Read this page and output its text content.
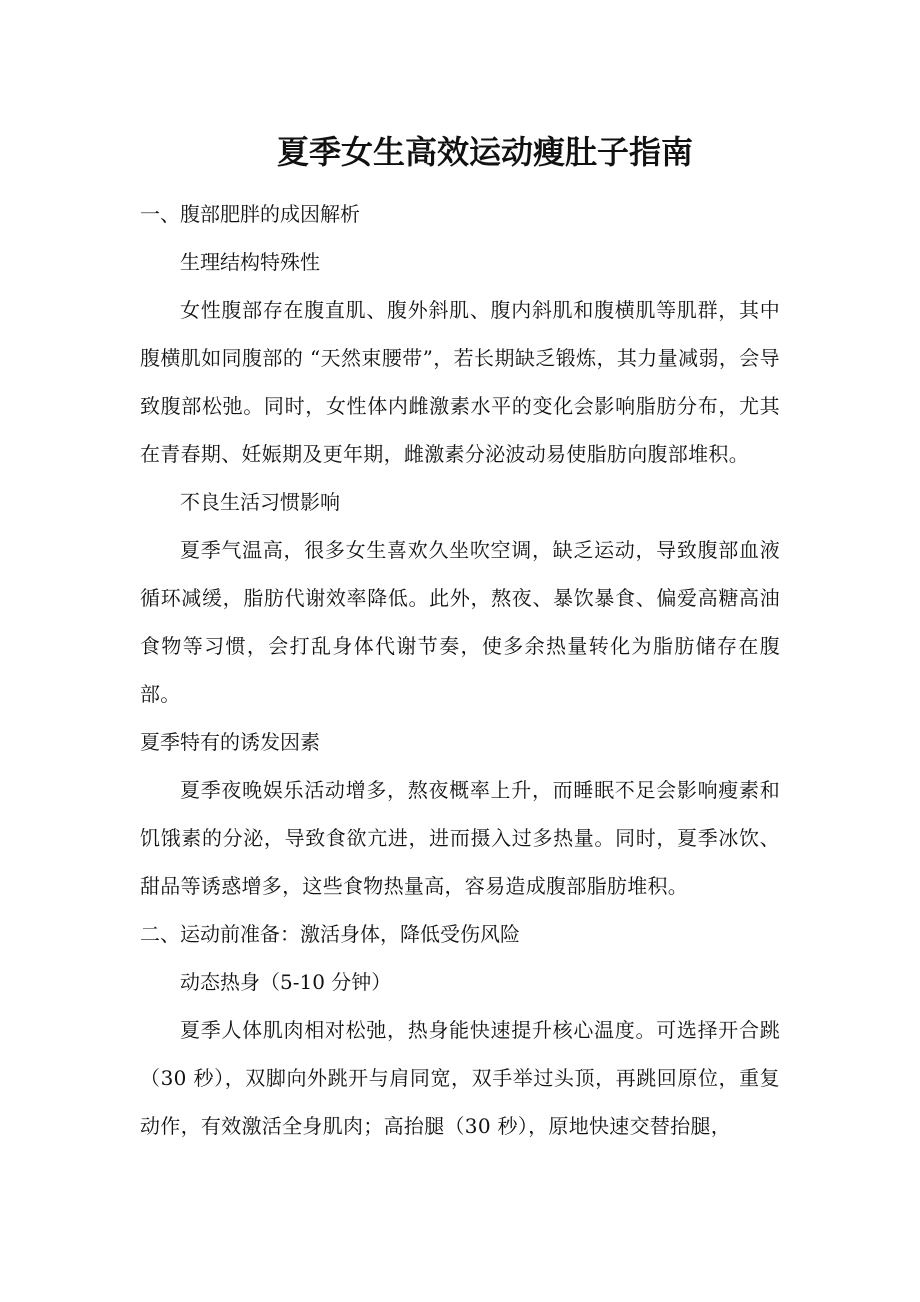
夏季女生高效运动瘦肚子指南
一、腹部肥胖的成因解析
生理结构特殊性

女性腹部存在腹直肌、腹外斜肌、腹内斜肌和腹横肌等肌群，其中腹横肌如同腹部的 “天然束腰带”，若长期缺乏锻炼，其力量减弱，会导致腹部松弛。同时，女性体内雌激素水平的变化会影响脂肪分布，尤其在青春期、妊娠期及更年期，雌激素分泌波动易使脂肪向腹部堆积。

不良生活习惯影响

夏季气温高，很多女生喜欢久坐吹空调，缺乏运动，导致腹部血液循环减缓，脂肪代谢效率降低。此外，熬夜、暴饮暴食、偏爱高糖高油食物等习惯，会打乱身体代谢节奏，使多余热量转化为脂肪储存在腹部。

夏季特有的诱发因素

夏季夜晚娱乐活动增多，熬夜概率上升，而睡眠不足会影响瘦素和饥饿素的分泌，导致食欲亢进，进而摄入过多热量。同时，夏季冰饮、甜品等诱惑增多，这些食物热量高，容易造成腹部脂肪堆积。

二、运动前准备：激活身体，降低受伤风险
动态热身（5-10 分钟）

夏季人体肌肉相对松弛，热身能快速提升核心温度。可选择开合跳（30 秒），双脚向外跳开与肩同宽，双手举过头顶，再跳回原位，重复动作，有效激活全身肌肉；高抬腿（30 秒），原地快速交替抬腿，
